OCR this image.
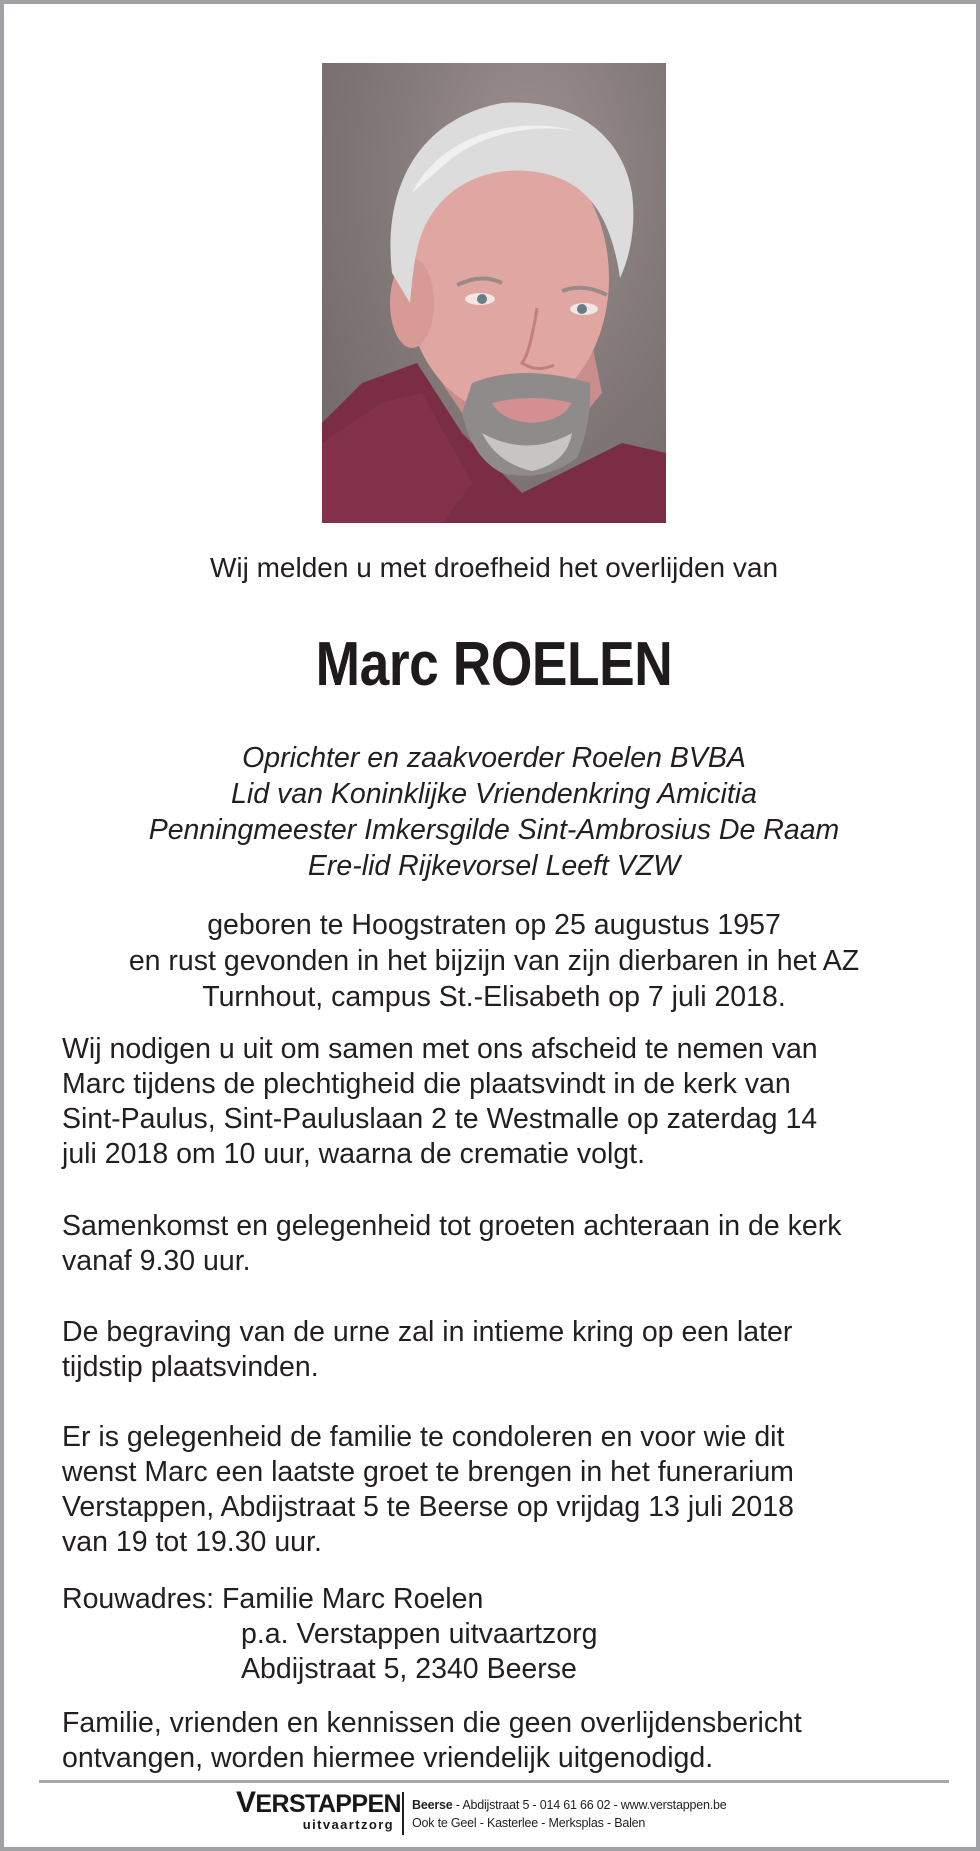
Wij melden u met droefheid het overlijden van
Marc ROELEN
Oprichter en zaakvoerder Roelen BVBA
Lid van Koninklijke Vriendenkring Amicitia
Penningmeester Imkersgilde Sint-Ambrosius De Raam
Ere-lid Rijkevorsel Leeft VZW
geboren te Hoogstraten op 25 augustus 1957
en rust gevonden in het bijzijn van zijn dierbaren in het AZ
Turnhout, campus St.-Elisabeth op 7 juli 2018.
Wij nodigen u uit om samen met ons afscheid te nemen van
Marc tijdens de plechtigheid die plaatsvindt in de kerk van
Sint-Paulus, Sint-Pauluslaan 2 te Westmalle op zaterdag 14
juli 2018 om 10 uur, waarna de crematie volgt.
Samenkomst en gelegenheid tot groeten achteraan in de kerk
vanaf 9.30 uur.
De begraving van de urne zal in intieme kring op een later
tijdstip plaatsvinden.
Er is gelegenheid de familie te condoleren en voor wie dit
wenst Marc een laatste groet te brengen in het funerarium
Verstappen, Abdijstraat 5 te Beerse op vrijdag 13 juli 2018
van 19 tot 19.30 uur.
Rouwadres: Familie Marc Roelen
p.a. Verstappen uitvaartzorg
Abdijstraat 5, 2340 Beerse
Familie, vrienden en kennissen die geen overlijdensbericht
ontvangen, worden hiermee vriendelijk uitgenodigd.
VERSTAPPEN
uitvaartzorg
Beerse - Abdijstraat 5 - 014 61 66 02 - www.verstappen.be
Ook te Geel - Kasterlee - Merksplas - Balen
